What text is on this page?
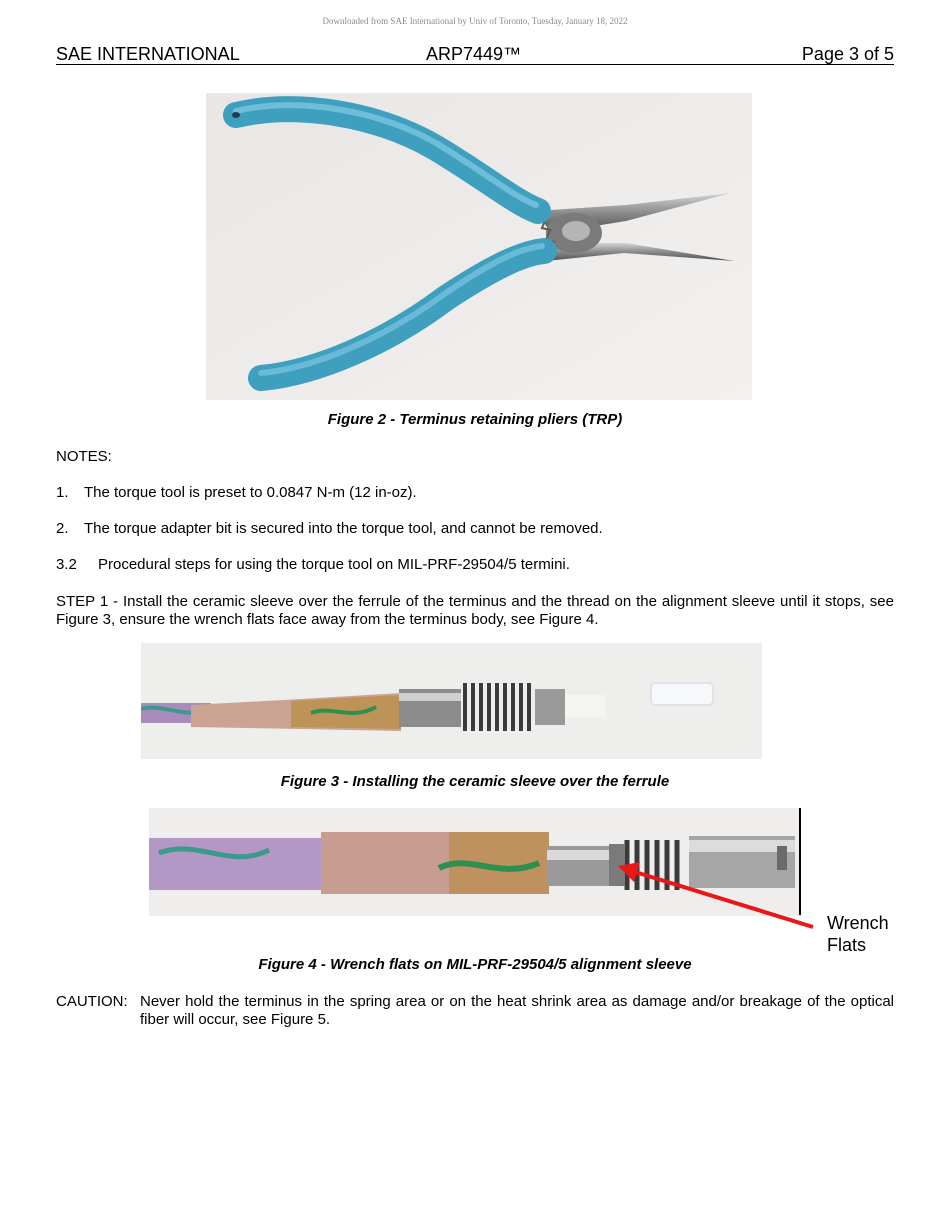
Downloaded from SAE International by Univ of Toronto, Tuesday, January 18, 2022
SAE INTERNATIONAL	ARP7449™	Page 3 of 5
Figure 2 - Terminus retaining pliers (TRP)
NOTES:
1. The torque tool is preset to 0.0847 N-m (12 in-oz).
2. The torque adapter bit is secured into the torque tool, and cannot be removed.
3.2 Procedural steps for using the torque tool on MIL-PRF-29504/5 termini.
STEP 1 - Install the ceramic sleeve over the ferrule of the terminus and the thread on the alignment sleeve until it stops, see Figure 3, ensure the wrench flats face away from the terminus body, see Figure 4.
Figure 3 - Installing the ceramic sleeve over the ferrule
Wrench
Flats
Figure 4 - Wrench flats on MIL-PRF-29504/5 alignment sleeve
CAUTION: Never hold the terminus in the spring area or on the heat shrink area as damage and/or breakage of the optical fiber will occur, see Figure 5.
